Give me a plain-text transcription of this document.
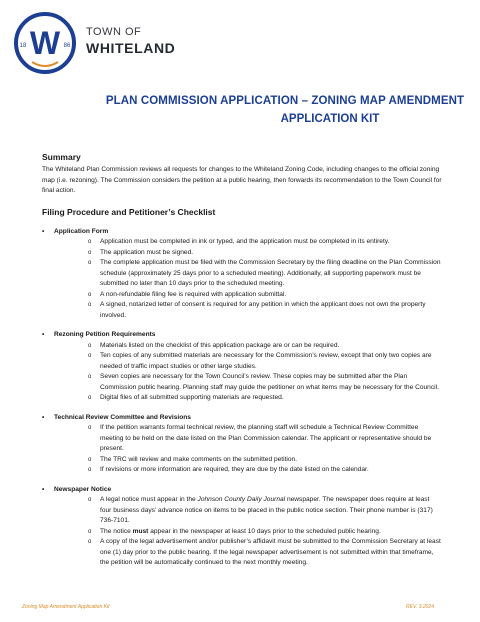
W
18	86
TOWN OF
WHITELAND
PLAN COMMISSION APPLICATION – ZONING MAP AMENDMENT
APPLICATION KIT
Summary

The Whiteland Plan Commission reviews all requests for changes to the Whiteland Zoning Code, including changes to the official zoning map (i.e. rezoning). The Commission considers the petition at a public hearing, then forwards its recommendation to the Town Council for final action.

Filing Procedure and Petitioner’s Checklist
• Application Form
o Application must be completed in ink or typed, and the application must be completed in its entirety.
o The application must be signed.
o The complete application must be filed with the Commission Secretary by the filing deadline on the Plan Commission schedule (approximately 25 days prior to a scheduled meeting). Additionally, all supporting paperwork must be submitted no later than 10 days prior to the scheduled meeting.
o A non-refundable filing fee is required with application submittal.
o A signed, notarized letter of consent is required for any petition in which the applicant does not own the property involved.
• Rezoning Petition Requirements
o Materials listed on the checklist of this application package are or can be required.
o Ten copies of any submitted materials are necessary for the Commission’s review, except that only two copies are needed of traffic impact studies or other large studies.
o Seven copies are necessary for the Town Council’s review. These copies may be submitted after the Plan Commission public hearing. Planning staff may guide the petitioner on what items may be necessary for the Council.
o Digital files of all submitted supporting materials are requested.
• Technical Review Committee and Revisions
o If the petition warrants formal technical review, the planning staff will schedule a Technical Review Committee meeting to be held on the date listed on the Plan Commission calendar. The applicant or representative should be present.
o The TRC will review and make comments on the submitted petition.
o If revisions or more information are required, they are due by the date listed on the calendar.
• Newspaper Notice
o A legal notice must appear in the Johnson County Daily Journal newspaper. The newspaper does require at least four business days’ advance notice on items to be placed in the public notice section. Their phone number is (317) 736-7101.
o The notice must appear in the newspaper at least 10 days prior to the scheduled public hearing.
o A copy of the legal advertisement and/or publisher’s affidavit must be submitted to the Commission Secretary at least one (1) day prior to the public hearing. If the legal newspaper advertisement is not submitted within that timeframe, the petition will be automatically continued to the next monthly meeting.
Zoning Map Amendment Application Kit	REV. 3.2024
